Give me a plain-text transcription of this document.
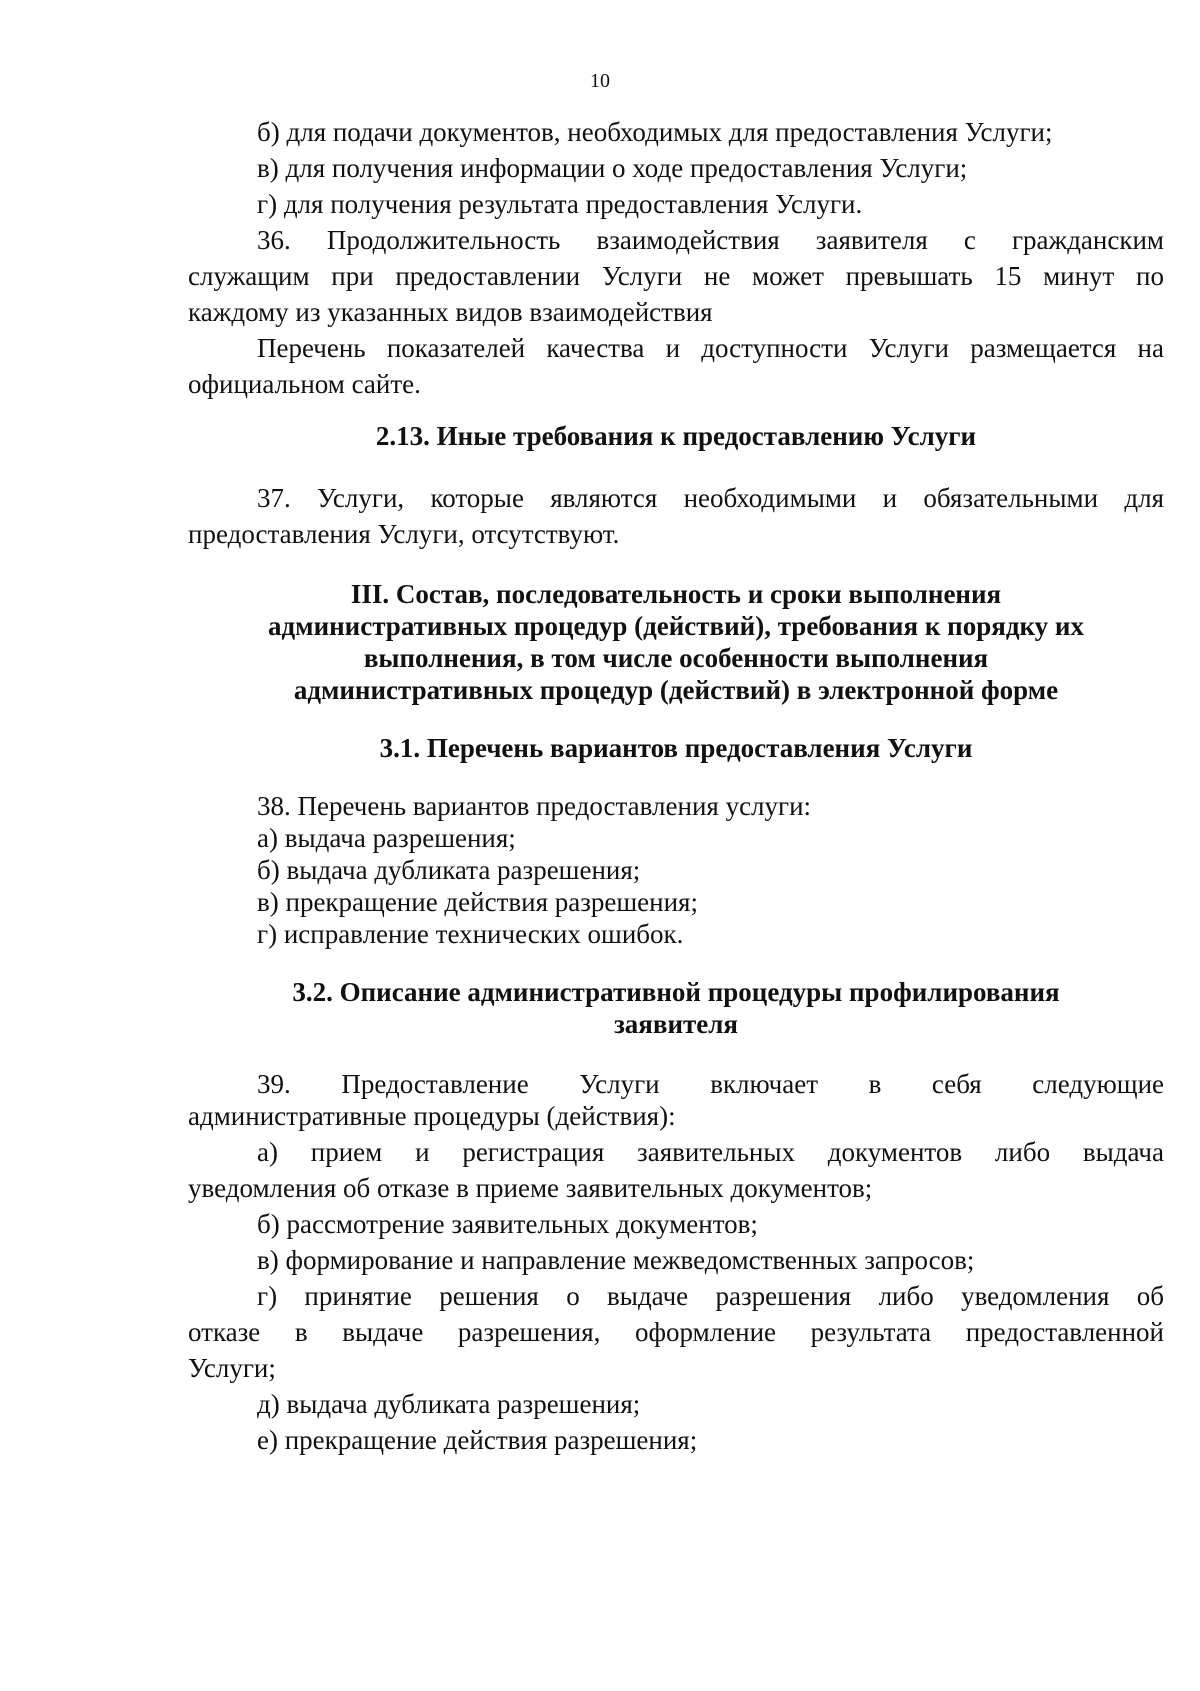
10
б) для подачи документов, необходимых для предоставления Услуги;
в) для получения информации о ходе предоставления Услуги;
г) для получения результата предоставления Услуги.
36. Продолжительность взаимодействия заявителя с гражданским
служащим при предоставлении Услуги не может превышать 15 минут по
каждому из указанных видов взаимодействия
Перечень показателей качества и доступности Услуги размещается на
официальном сайте.
2.13. Иные требования к предоставлению Услуги
37. Услуги, которые являются необходимыми и обязательными для
предоставления Услуги, отсутствуют.
III. Состав, последовательность и сроки выполнения
административных процедур (действий), требования к порядку их
выполнения, в том числе особенности выполнения
административных процедур (действий) в электронной форме
3.1. Перечень вариантов предоставления Услуги
38. Перечень вариантов предоставления услуги:
а) выдача разрешения;
б) выдача дубликата разрешения;
в) прекращение действия разрешения;
г) исправление технических ошибок.
3.2. Описание административной процедуры профилирования
заявителя
39. Предоставление Услуги включает в себя следующие
административные процедуры (действия):
а) прием и регистрация заявительных документов либо выдача
уведомления об отказе в приеме заявительных документов;
б) рассмотрение заявительных документов;
в) формирование и направление межведомственных запросов;
г) принятие решения о выдаче разрешения либо уведомления об
отказе в выдаче разрешения, оформление результата предоставленной
Услуги;
д) выдача дубликата разрешения;
е) прекращение действия разрешения;
